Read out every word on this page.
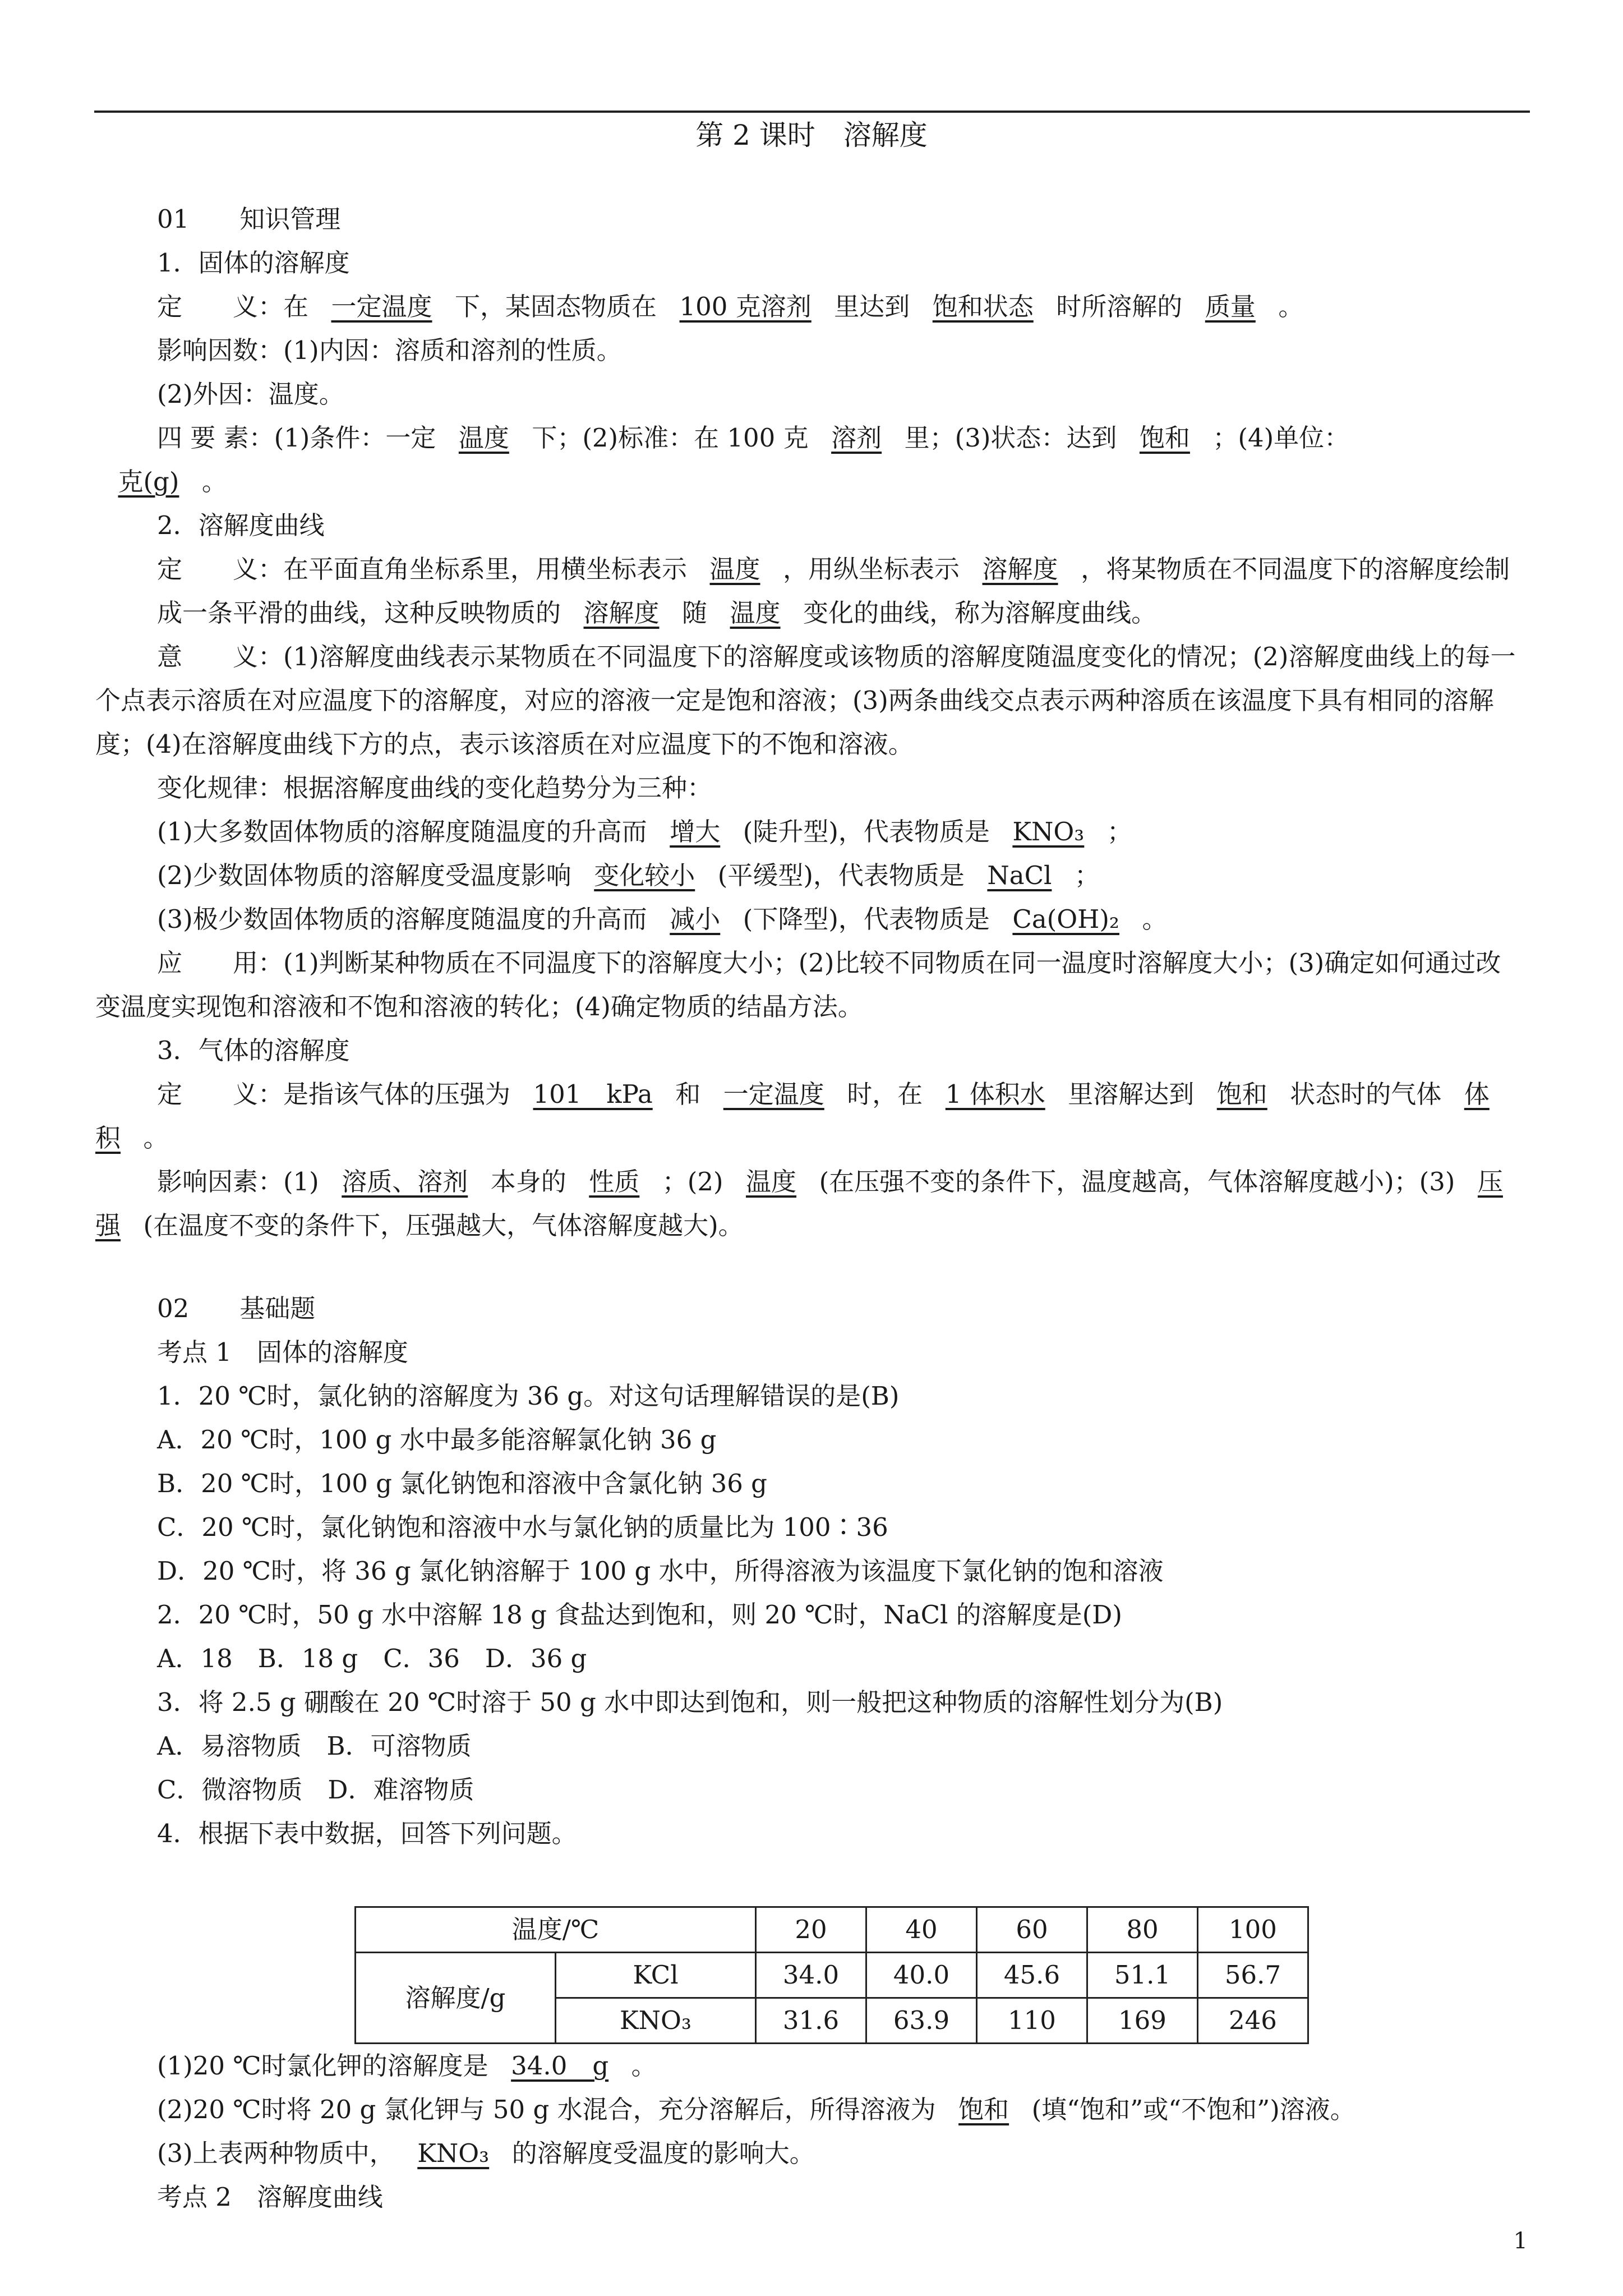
第 2 课时　溶解度

01　　知识管理

1．固体的溶解度

定　　义：在 一定温度 下，某固态物质在 100 克溶剂 里达到 饱和状态 时所溶解的 质量 。

影响因数：(1)内因：溶质和溶剂的性质。

(2)外因：温度。

四 要 素：(1)条件：一定 温度 下；(2)标准：在 100 克 溶剂 里；(3)状态：达到 饱和 ；(4)单位：
克(g) 。

2．溶解度曲线

定　　义：在平面直角坐标系里，用横坐标表示 温度 ，用纵坐标表示 溶解度 ，将某物质在不同温度下的溶解度绘制成一条平滑的曲线，这种反映物质的 溶解度 随 温度 变化的曲线，称为溶解度曲线。

意　　义：(1)溶解度曲线表示某物质在不同温度下的溶解度或该物质的溶解度随温度变化的情况；(2)溶解度曲线上的每一个点表示溶质在对应温度下的溶解度，对应的溶液一定是饱和溶液；(3)两条曲线交点表示两种溶质在该温度下具有相同的溶解度；(4)在溶解度曲线下方的点，表示该溶质在对应温度下的不饱和溶液。

变化规律：根据溶解度曲线的变化趋势分为三种：

(1)大多数固体物质的溶解度随温度的升高而 增大 (陡升型)，代表物质是 KNO₃ ；

(2)少数固体物质的溶解度受温度影响 变化较小 (平缓型)，代表物质是 NaCl ；

(3)极少数固体物质的溶解度随温度的升高而 减小 (下降型)，代表物质是 Ca(OH)₂ 。

应　　用：(1)判断某种物质在不同温度下的溶解度大小；(2)比较不同物质在同一温度时溶解度大小；(3)确定如何通过改变温度实现饱和溶液和不饱和溶液的转化；(4)确定物质的结晶方法。

3．气体的溶解度

定　　义：是指该气体的压强为 101　kPa 和 一定温度 时，在 1 体积水 里溶解达到 饱和 状态时的气体 体积 。

影响因素：(1) 溶质、溶剂 本身的 性质 ；(2) 温度 (在压强不变的条件下，温度越高，气体溶解度越小)；(3) 压强 (在温度不变的条件下，压强越大，气体溶解度越大)。

02　　基础题

考点 1　固体的溶解度

1．20 ℃时，氯化钠的溶解度为 36 g。对这句话理解错误的是(B)

A．20 ℃时，100 g 水中最多能溶解氯化钠 36 g

B．20 ℃时，100 g 氯化钠饱和溶液中含氯化钠 36 g

C．20 ℃时，氯化钠饱和溶液中水与氯化钠的质量比为 100∶36

D．20 ℃时，将 36 g 氯化钠溶解于 100 g 水中，所得溶液为该温度下氯化钠的饱和溶液

2．20 ℃时，50 g 水中溶解 18 g 食盐达到饱和，则 20 ℃时，NaCl 的溶解度是(D)

A．18　B．18 g　C．36　D．36 g

3．将 2.5 g 硼酸在 20 ℃时溶于 50 g 水中即达到饱和，则一般把这种物质的溶解性划分为(B)

A．易溶物质　B．可溶物质

C．微溶物质　D．难溶物质

4．根据下表中数据，回答下列问题。

温度/℃		20	40	60	80	100
溶解度/g	KCl	34.0	40.0	45.6	51.1	56.7
	KNO₃	31.6	63.9	110	169	246

(1)20 ℃时氯化钾的溶解度是 34.0　g 。

(2)20 ℃时将 20 g 氯化钾与 50 g 水混合，充分溶解后，所得溶液为 饱和 (填“饱和”或“不饱和”)溶液。

(3)上表两种物质中， KNO₃ 的溶解度受温度的影响大。

考点 2　溶解度曲线

1
